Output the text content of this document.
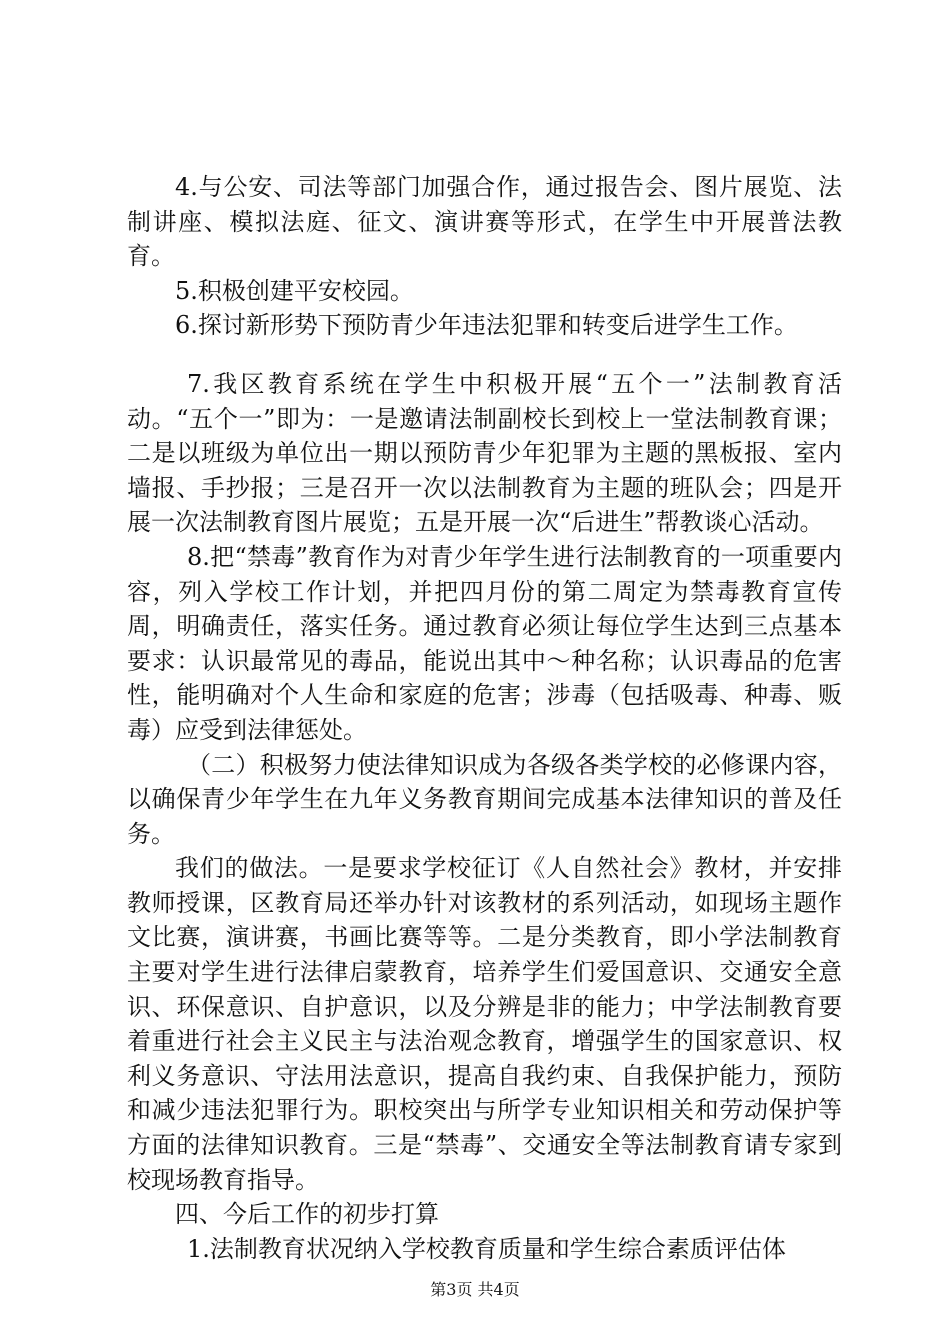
4.与公安、司法等部门加强合作，通过报告会、图片展览、法制讲座、模拟法庭、征文、演讲赛等形式，在学生中开展普法教育。

5.积极创建平安校园。

6.探讨新形势下预防青少年违法犯罪和转变后进学生工作。

7.我区教育系统在学生中积极开展“五个一”法制教育活动。“五个一”即为：一是邀请法制副校长到校上一堂法制教育课；二是以班级为单位出一期以预防青少年犯罪为主题的黑板报、室内墙报、手抄报；三是召开一次以法制教育为主题的班队会；四是开展一次法制教育图片展览；五是开展一次“后进生”帮教谈心活动。

8.把“禁毒”教育作为对青少年学生进行法制教育的一项重要内容，列入学校工作计划，并把四月份的第二周定为禁毒教育宣传周，明确责任，落实任务。通过教育必须让每位学生达到三点基本要求：认识最常见的毒品，能说出其中～种名称；认识毒品的危害性，能明确对个人生命和家庭的危害；涉毒（包括吸毒、种毒、贩毒）应受到法律惩处。

（二）积极努力使法律知识成为各级各类学校的必修课内容，以确保青少年学生在九年义务教育期间完成基本法律知识的普及任务。

我们的做法。一是要求学校征订《人自然社会》教材，并安排教师授课，区教育局还举办针对该教材的系列活动，如现场主题作文比赛，演讲赛，书画比赛等等。二是分类教育，即小学法制教育主要对学生进行法律启蒙教育，培养学生们爱国意识、交通安全意识、环保意识、自护意识，以及分辨是非的能力；中学法制教育要着重进行社会主义民主与法治观念教育，增强学生的国家意识、权利义务意识、守法用法意识，提高自我约束、自我保护能力，预防和减少违法犯罪行为。职校突出与所学专业知识相关和劳动保护等方面的法律知识教育。三是“禁毒”、交通安全等法制教育请专家到校现场教育指导。

四、今后工作的初步打算

1.法制教育状况纳入学校教育质量和学生综合素质评估体

第3页 共4页
